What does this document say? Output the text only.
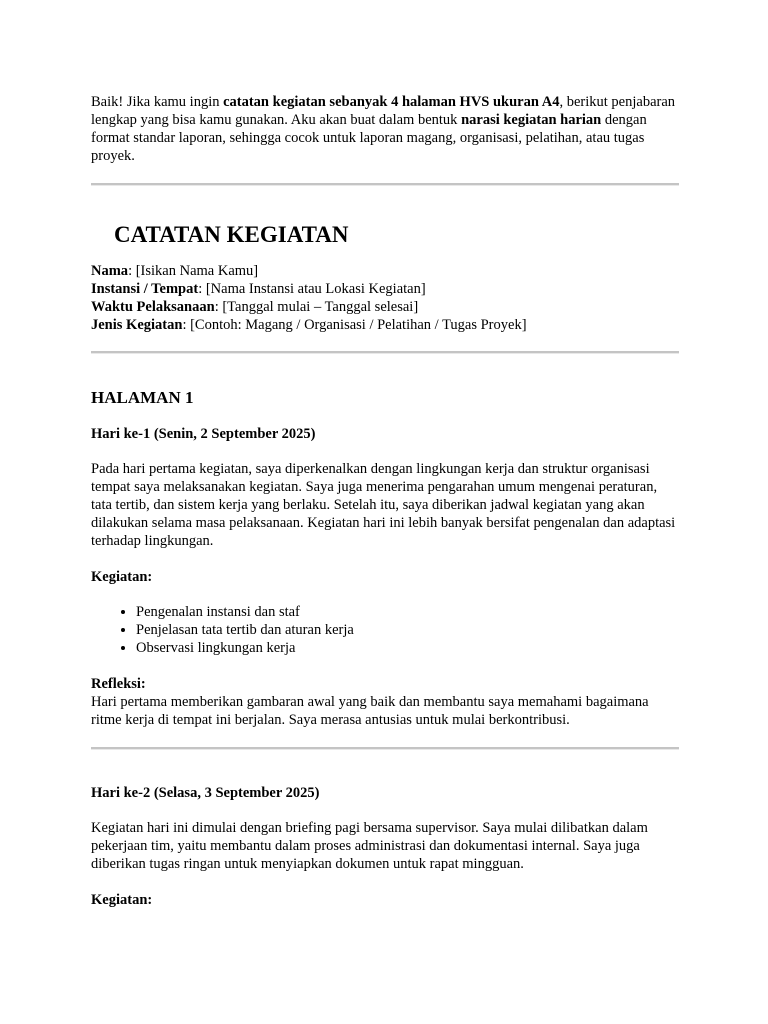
Baik! Jika kamu ingin catatan kegiatan sebanyak 4 halaman HVS ukuran A4, berikut penjabaran lengkap yang bisa kamu gunakan. Aku akan buat dalam bentuk narasi kegiatan harian dengan format standar laporan, sehingga cocok untuk laporan magang, organisasi, pelatihan, atau tugas proyek.

CATATAN KEGIATAN

Nama: [Isikan Nama Kamu]

Instansi / Tempat: [Nama Instansi atau Lokasi Kegiatan]

Waktu Pelaksanaan: [Tanggal mulai – Tanggal selesai]

Jenis Kegiatan: [Contoh: Magang / Organisasi / Pelatihan / Tugas Proyek]

HALAMAN 1
Hari ke-1 (Senin, 2 September 2025)

Pada hari pertama kegiatan, saya diperkenalkan dengan lingkungan kerja dan struktur organisasi tempat saya melaksanakan kegiatan. Saya juga menerima pengarahan umum mengenai peraturan, tata tertib, dan sistem kerja yang berlaku. Setelah itu, saya diberikan jadwal kegiatan yang akan dilakukan selama masa pelaksanaan. Kegiatan hari ini lebih banyak bersifat pengenalan dan adaptasi terhadap lingkungan.

Kegiatan:
• Pengenalan instansi dan staf
• Penjelasan tata tertib dan aturan kerja
• Observasi lingkungan kerja
Refleksi:

Hari pertama memberikan gambaran awal yang baik dan membantu saya memahami bagaimana ritme kerja di tempat ini berjalan. Saya merasa antusias untuk mulai berkontribusi.

Hari ke-2 (Selasa, 3 September 2025)

Kegiatan hari ini dimulai dengan briefing pagi bersama supervisor. Saya mulai dilibatkan dalam pekerjaan tim, yaitu membantu dalam proses administrasi dan dokumentasi internal. Saya juga diberikan tugas ringan untuk menyiapkan dokumen untuk rapat mingguan.

Kegiatan:
